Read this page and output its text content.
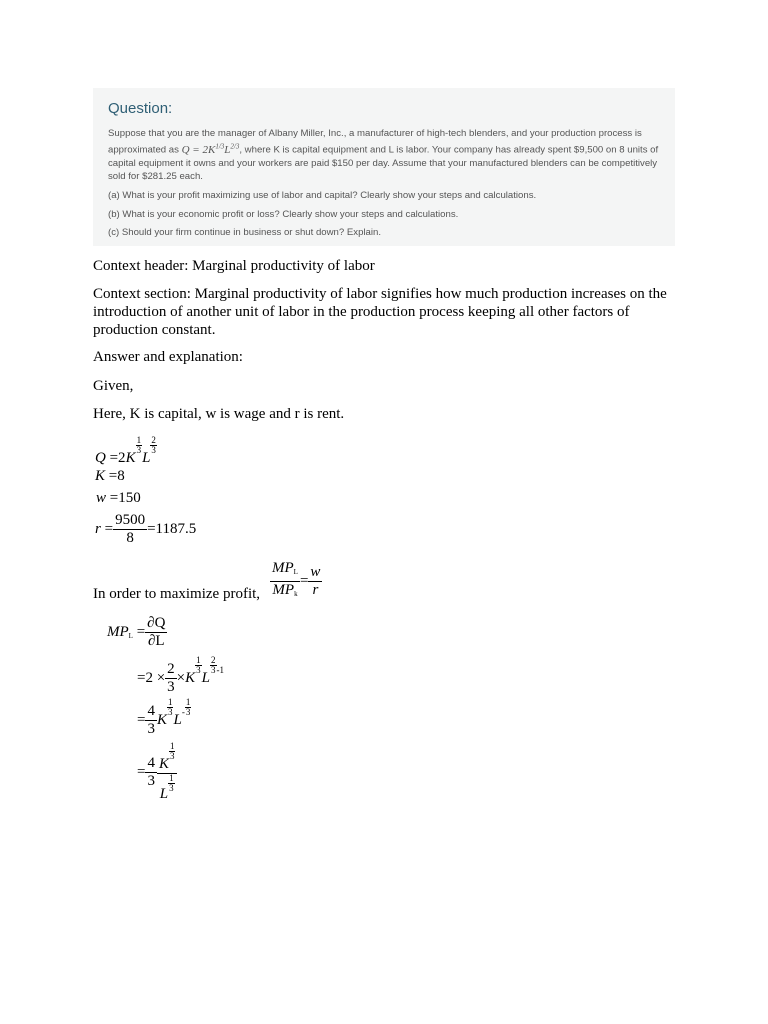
Question:

Suppose that you are the manager of Albany Miller, Inc., a manufacturer of high-tech blenders, and your production process is approximated as $Q = 2K^{1/3}L^{2/3}$, where K is capital equipment and L is labor. Your company has already spent $9,500 on 8 units of capital equipment it owns and your workers are paid $150 per day. Assume that your manufactured blenders can be competitively sold for $281.25 each.

(a) What is your profit maximizing use of labor and capital? Clearly show your steps and calculations.

(b) What is your economic profit or loss? Clearly show your steps and calculations.

(c) Should your firm continue in business or shut down? Explain.

Context header: Marginal productivity of labor
Context section: Marginal productivity of labor signifies how much production increases on the introduction of another unit of labor in the production process keeping all other factors of production constant.
Answer and explanation:
Given,
Here, K is capital, w is wage and r is rent.
Q =2K
$\frac{1}{3}$
L
$\frac{2}{3}$
K =8
w =150
$r = \frac{9500}{8} =1187.5$
In order to maximize profit, $\frac{MP_L}{MP_k} = \frac{w}{r}$
$MP_L = \frac{\partial Q}{\partial L}$
$=2 \times \frac{2}{3} \times K$
$\frac{1}{3}$
L
$\frac{2}{3} ^{-1}$
= $\frac{4}{3}$ K
$\frac{1}{3}$
$L^- \frac{1}{3}$
= $\frac{4}{3}$ K
$\frac{1}{3}$
L
$\frac{1}{3}$
